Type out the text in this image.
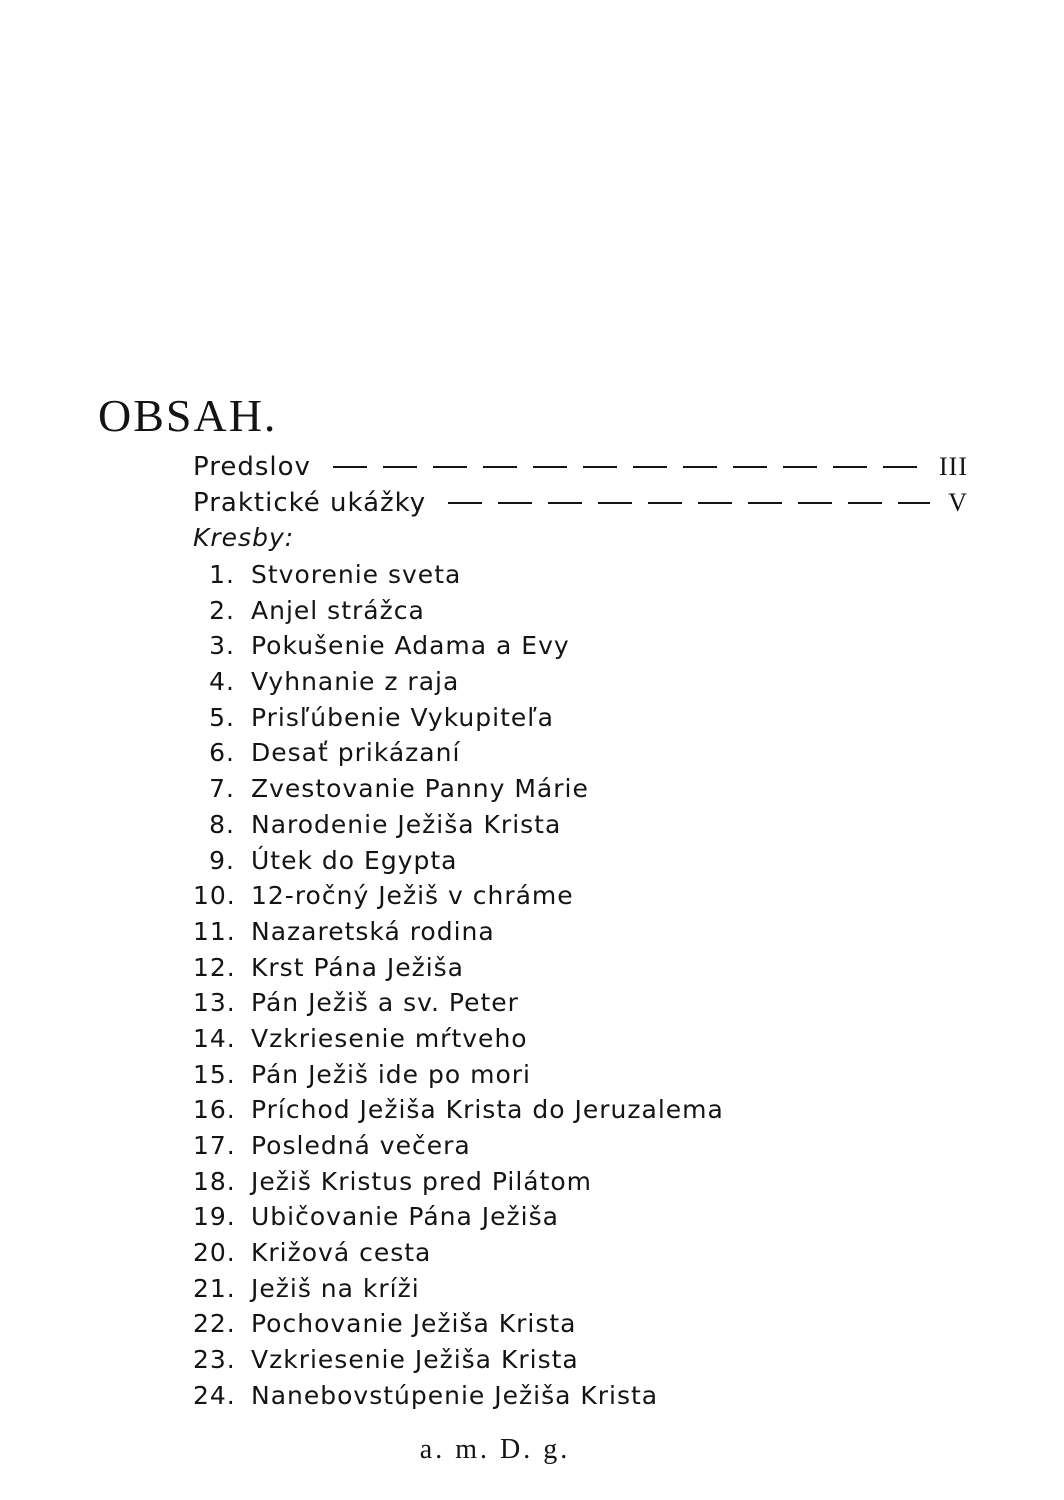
OBSAH.
Predslov	III
Praktické ukážky	V
Kresby:
1. Stvorenie sveta
2. Anjel strážca
3. Pokušenie Adama a Evy
4. Vyhnanie z raja
5. Prisľúbenie Vykupiteľa
6. Desať prikázaní
7. Zvestovanie Panny Márie
8. Narodenie Ježiša Krista
9. Útek do Egypta
10. 12-ročný Ježiš v chráme
11. Nazaretská rodina
12. Krst Pána Ježiša
13. Pán Ježiš a sv. Peter
14. Vzkriesenie mŕtveho
15. Pán Ježiš ide po mori
16. Príchod Ježiša Krista do Jeruzalema
17. Posledná večera
18. Ježiš Kristus pred Pilátom
19. Ubičovanie Pána Ježiša
20. Križová cesta
21. Ježiš na kríži
22. Pochovanie Ježiša Krista
23. Vzkriesenie Ježiša Krista
24. Nanebovstúpenie Ježiša Krista
a. m. D. g.
